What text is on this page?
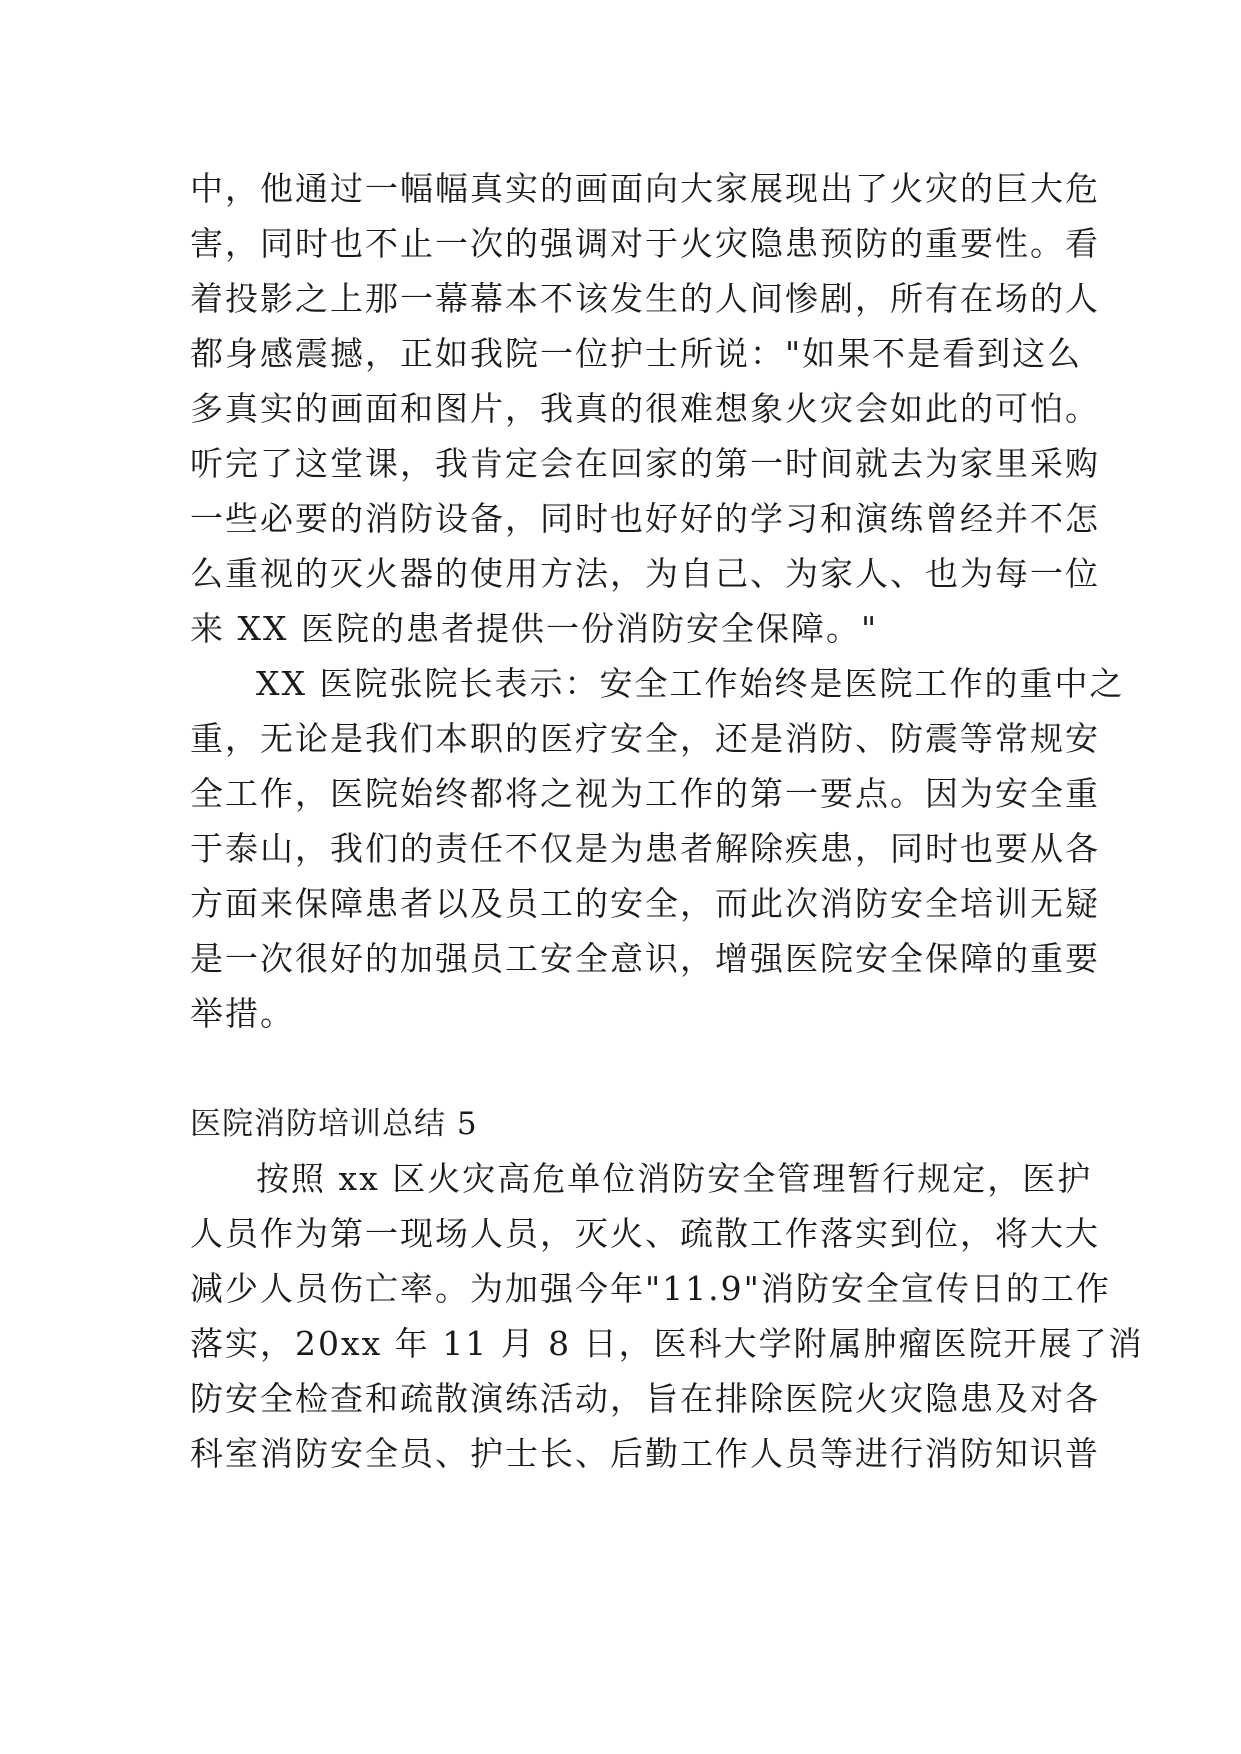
中，他通过一幅幅真实的画面向大家展现出了火灾的巨大危
害，同时也不止一次的强调对于火灾隐患预防的重要性。看
着投影之上那一幕幕本不该发生的人间惨剧，所有在场的人
都身感震撼，正如我院一位护士所说："如果不是看到这么
多真实的画面和图片，我真的很难想象火灾会如此的可怕。
听完了这堂课，我肯定会在回家的第一时间就去为家里采购
一些必要的消防设备，同时也好好的学习和演练曾经并不怎
么重视的灭火器的使用方法，为自己、为家人、也为每一位
来 XX 医院的患者提供一份消防安全保障。"
XX 医院张院长表示：安全工作始终是医院工作的重中之
重，无论是我们本职的医疗安全，还是消防、防震等常规安
全工作，医院始终都将之视为工作的第一要点。因为安全重
于泰山，我们的责任不仅是为患者解除疾患，同时也要从各
方面来保障患者以及员工的安全，而此次消防安全培训无疑
是一次很好的加强员工安全意识，增强医院安全保障的重要
举措。
医院消防培训总结 5
按照 xx 区火灾高危单位消防安全管理暂行规定，医护
人员作为第一现场人员，灭火、疏散工作落实到位，将大大
减少人员伤亡率。为加强今年"11.9"消防安全宣传日的工作
落实，20xx 年 11 月 8 日，医科大学附属肿瘤医院开展了消
防安全检查和疏散演练活动，旨在排除医院火灾隐患及对各
科室消防安全员、护士长、后勤工作人员等进行消防知识普
